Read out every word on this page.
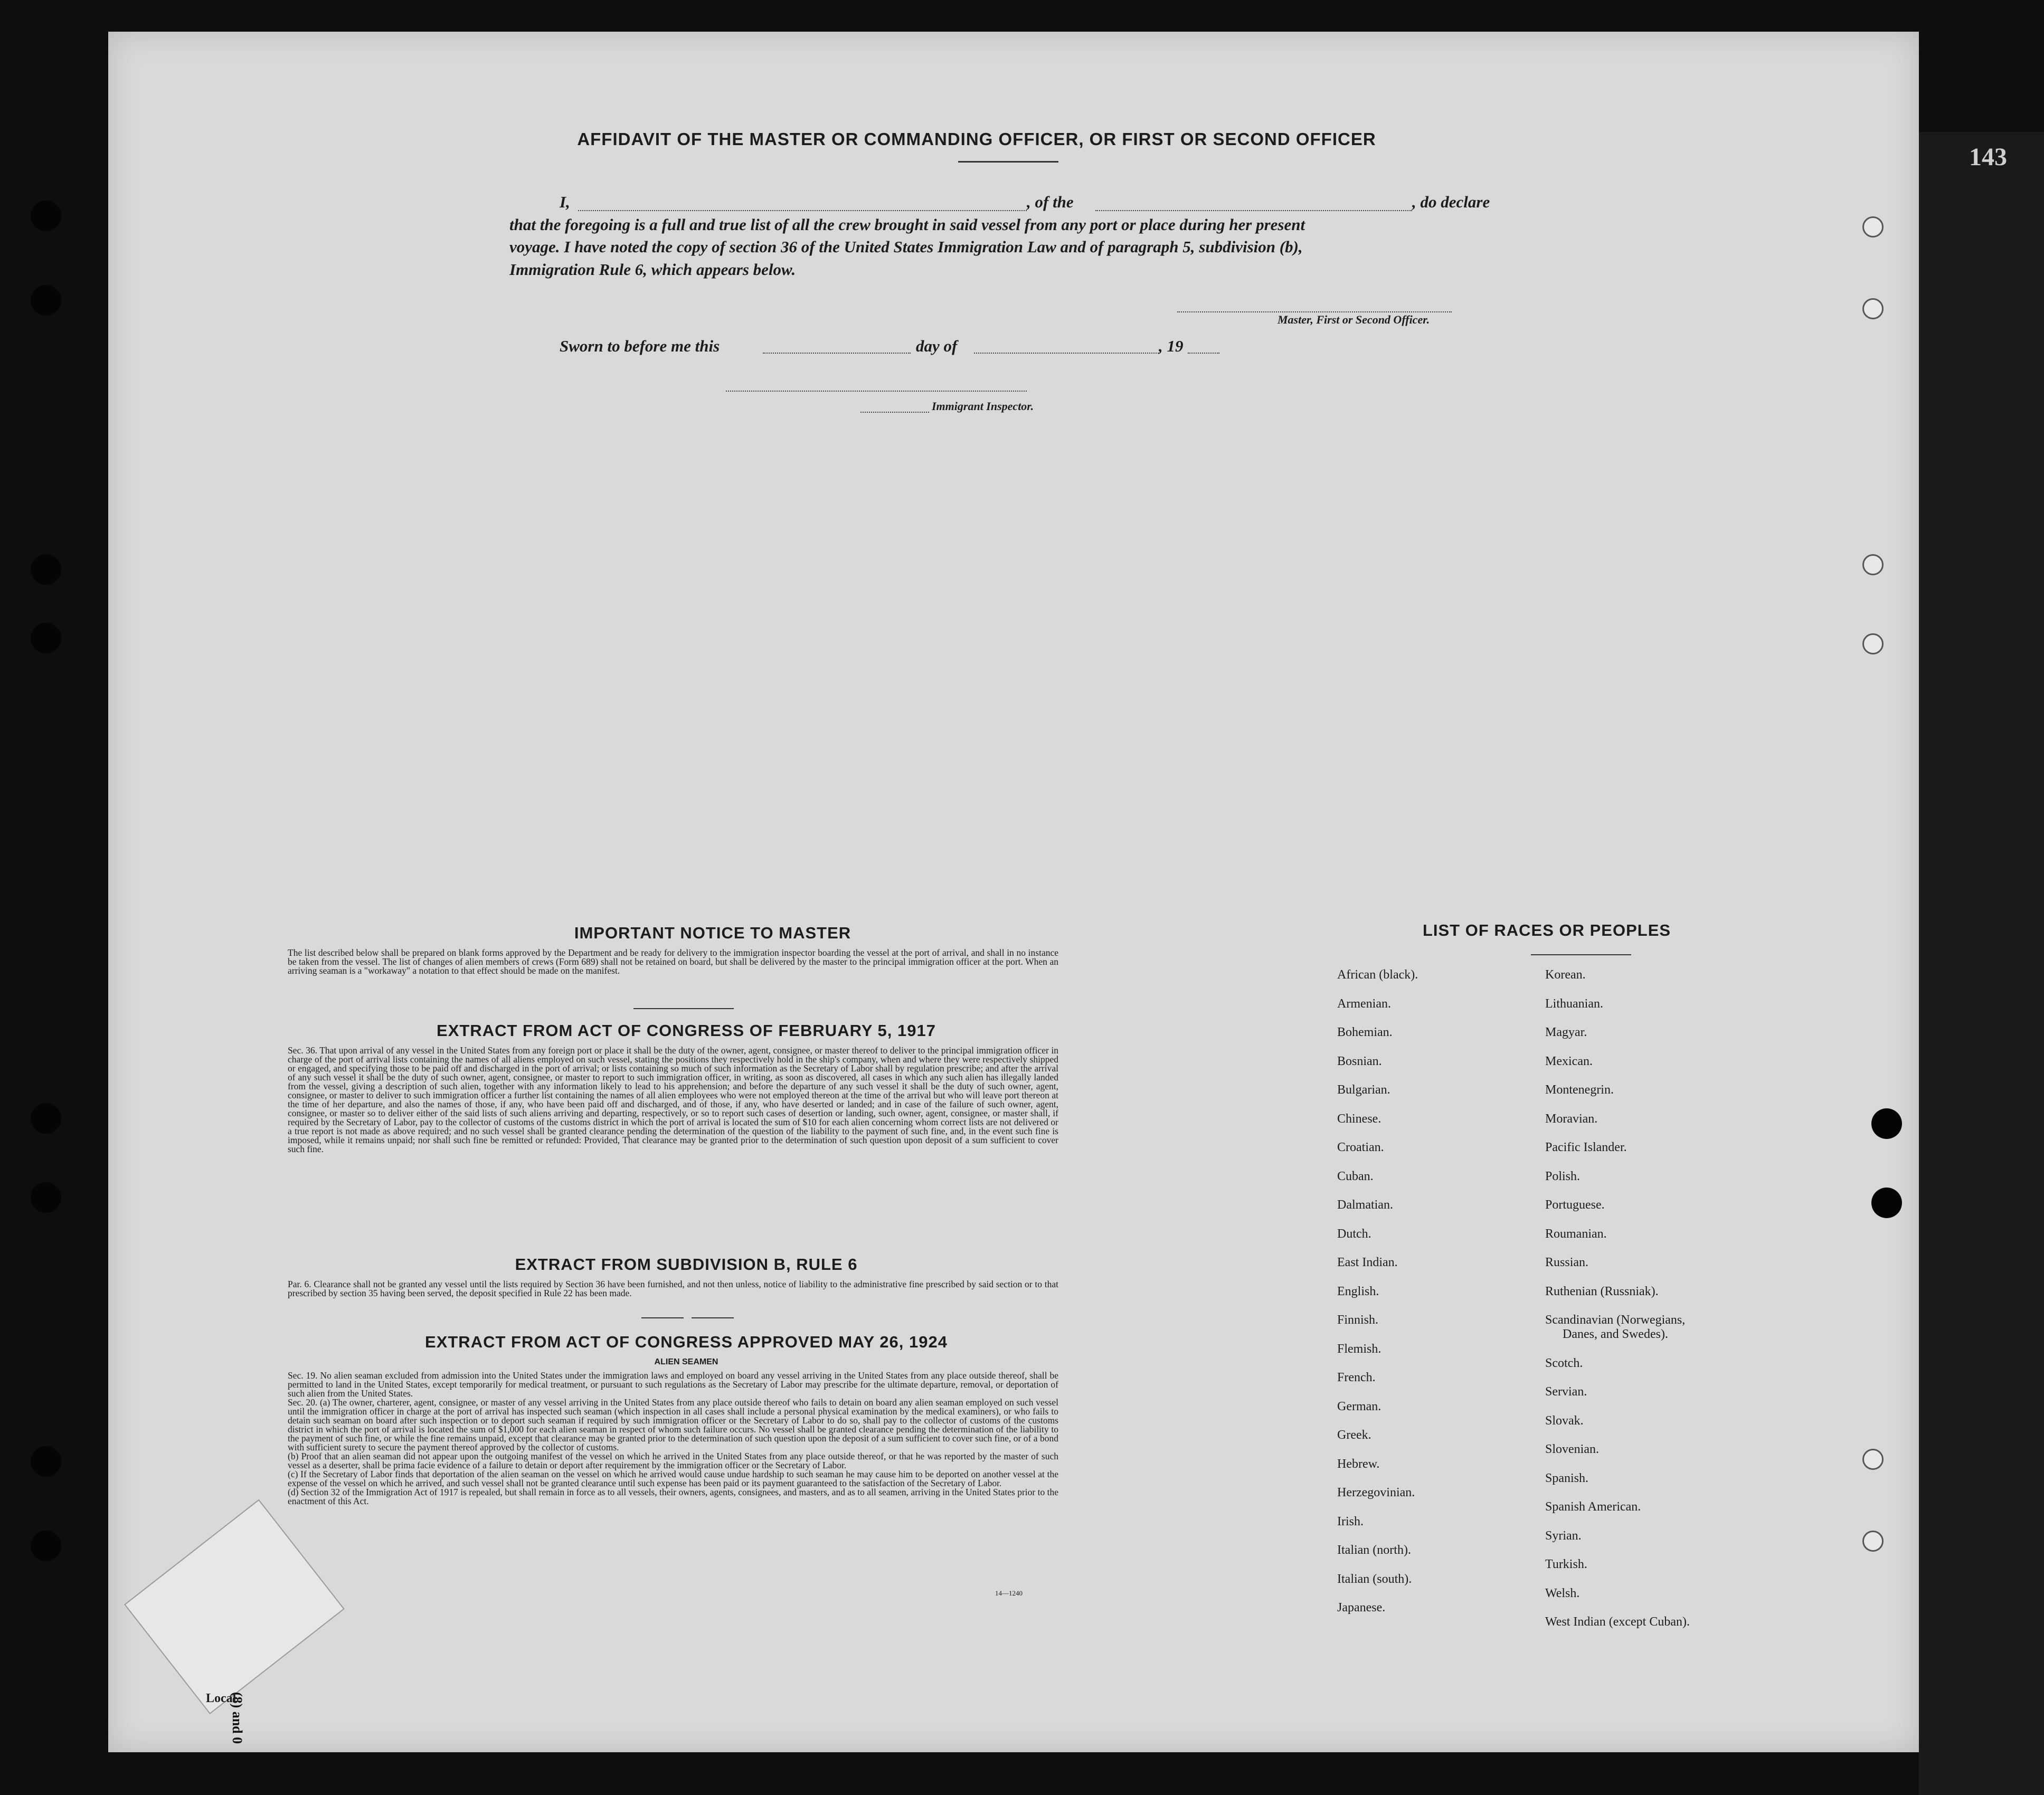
143
AFFIDAVIT OF THE MASTER OR COMMANDING OFFICER, OR FIRST OR SECOND OFFICER
I,	, of the	, do declare
that the foregoing is a full and true list of all the crew brought in said vessel from any port or place during her present
voyage. I have noted the copy of section 36 of the United States Immigration Law and of paragraph 5, subdivision (b),
Immigration Rule 6, which appears below.
Master, First or Second Officer.
Sworn to before me this	day of	, 19
Immigrant Inspector.
IMPORTANT NOTICE TO MASTER
The list described below shall be prepared on blank forms approved by the Department and be ready for delivery to the immigration inspector boarding the vessel at the port of arrival, and shall in no instance be taken from the vessel. The list of changes of alien members of crews (Form 689) shall not be retained on board, but shall be delivered by the master to the principal immigration officer at the port. When an arriving seaman is a "workaway" a notation to that effect should be made on the manifest.
EXTRACT FROM ACT OF CONGRESS OF FEBRUARY 5, 1917
Sec. 36. That upon arrival of any vessel in the United States from any foreign port or place it shall be the duty of the owner, agent, consignee, or master thereof to deliver to the principal immigration officer in charge of the port of arrival lists containing the names of all aliens employed on such vessel, stating the positions they respectively hold in the ship's company, when and where they were respectively shipped or engaged, and specifying those to be paid off and discharged in the port of arrival; or lists containing so much of such information as the Secretary of Labor shall by regulation prescribe; and after the arrival of any such vessel it shall be the duty of such owner, agent, consignee, or master to report to such immigration officer, in writing, as soon as discovered, all cases in which any such alien has illegally landed from the vessel, giving a description of such alien, together with any information likely to lead to his apprehension; and before the departure of any such vessel it shall be the duty of such owner, agent, consignee, or master to deliver to such immigration officer a further list containing the names of all alien employees who were not employed thereon at the time of the arrival but who will leave port thereon at the time of her departure, and also the names of those, if any, who have been paid off and discharged, and of those, if any, who have deserted or landed; and in case of the failure of such owner, agent, consignee, or master so to deliver either of the said lists of such aliens arriving and departing, respectively, or so to report such cases of desertion or landing, such owner, agent, consignee, or master shall, if required by the Secretary of Labor, pay to the collector of customs of the customs district in which the port of arrival is located the sum of $10 for each alien concerning whom correct lists are not delivered or a true report is not made as above required; and no such vessel shall be granted clearance pending the determination of the question of the liability to the payment of such fine, and, in the event such fine is imposed, while it remains unpaid; nor shall such fine be remitted or refunded: Provided, That clearance may be granted prior to the determination of such question upon deposit of a sum sufficient to cover such fine.
EXTRACT FROM SUBDIVISION B, RULE 6
Par. 6. Clearance shall not be granted any vessel until the lists required by Section 36 have been furnished, and not then unless, notice of liability to the administrative fine prescribed by said section or to that prescribed by section 35 having been served, the deposit specified in Rule 22 has been made.
EXTRACT FROM ACT OF CONGRESS APPROVED MAY 26, 1924
ALIEN SEAMEN

Sec. 19. No alien seaman excluded from admission into the United States under the immigration laws and employed on board any vessel arriving in the United States from any place outside thereof, shall be permitted to land in the United States, except temporarily for medical treatment, or pursuant to such regulations as the Secretary of Labor may prescribe for the ultimate departure, removal, or deportation of such alien from the United States.

Sec. 20. (a) The owner, charterer, agent, consignee, or master of any vessel arriving in the United States from any place outside thereof who fails to detain on board any alien seaman employed on such vessel until the immigration officer in charge at the port of arrival has inspected such seaman (which inspection in all cases shall include a personal physical examination by the medical examiners), or who fails to detain such seaman on board after such inspection or to deport such seaman if required by such immigration officer or the Secretary of Labor to do so, shall pay to the collector of customs of the customs district in which the port of arrival is located the sum of $1,000 for each alien seaman in respect of whom such failure occurs. No vessel shall be granted clearance pending the determination of the liability to the payment of such fine, or while the fine remains unpaid, except that clearance may be granted prior to the determination of such question upon the deposit of a sum sufficient to cover such fine, or of a bond with sufficient surety to secure the payment thereof approved by the collector of customs.

(b) Proof that an alien seaman did not appear upon the outgoing manifest of the vessel on which he arrived in the United States from any place outside thereof, or that he was reported by the master of such vessel as a deserter, shall be prima facie evidence of a failure to detain or deport after requirement by the immigration officer or the Secretary of Labor.

(c) If the Secretary of Labor finds that deportation of the alien seaman on the vessel on which he arrived would cause undue hardship to such seaman he may cause him to be deported on another vessel at the expense of the vessel on which he arrived, and such vessel shall not be granted clearance until such expense has been paid or its payment guaranteed to the satisfaction of the Secretary of Labor.

(d) Section 32 of the Immigration Act of 1917 is repealed, but shall remain in force as to all vessels, their owners, agents, consignees, and masters, and as to all seamen, arriving in the United States prior to the enactment of this Act.

14—1240
LIST OF RACES OR PEOPLES
(8) and 0
Local
African (black).
Armenian.
Bohemian.
Bosnian.
Bulgarian.
Chinese.
Croatian.
Cuban.
Dalmatian.
Dutch.
East Indian.
English.
Finnish.
Flemish.
French.
German.
Greek.
Hebrew.
Herzegovinian.
Irish.
Italian (north).
Italian (south).
Japanese.
Korean.
Lithuanian.
Magyar.
Mexican.
Montenegrin.
Moravian.
Pacific Islander.
Polish.
Portuguese.
Roumanian.
Russian.
Ruthenian (Russniak).
Scandinavian (Norwegians,
Danes, and Swedes).
Scotch.
Servian.
Slovak.
Slovenian.
Spanish.
Spanish American.
Syrian.
Turkish.
Welsh.
West Indian (except Cuban).
